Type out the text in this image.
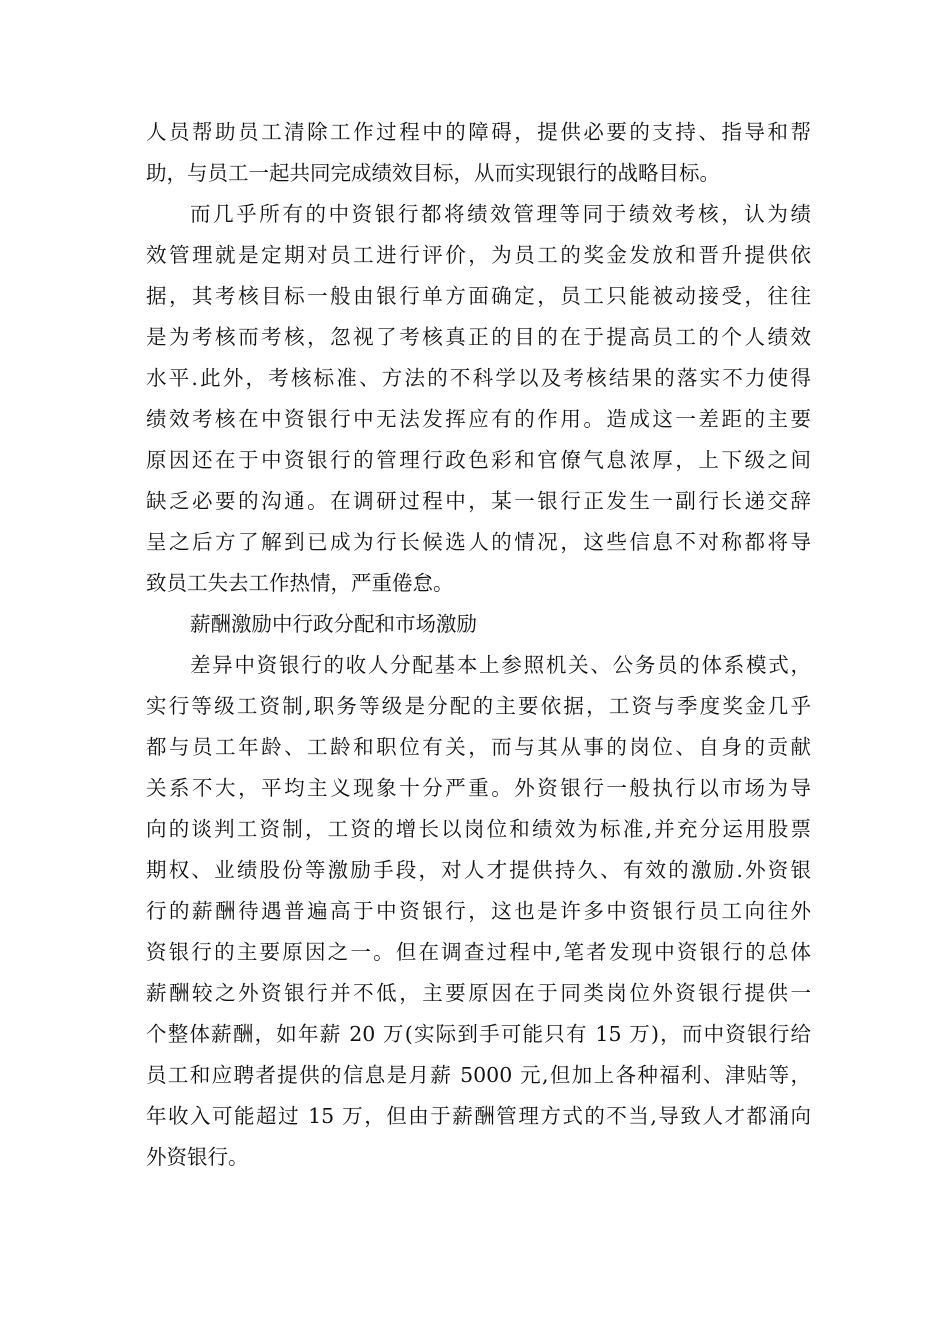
人员帮助员工清除工作过程中的障碍，提供必要的支持、指导和帮

助，与员工一起共同完成绩效目标，从而实现银行的战略目标。

而几乎所有的中资银行都将绩效管理等同于绩效考核，认为绩

效管理就是定期对员工进行评价，为员工的奖金发放和晋升提供依

据，其考核目标一般由银行单方面确定，员工只能被动接受，往往

是为考核而考核，忽视了考核真正的目的在于提高员工的个人绩效

水平.此外，考核标准、方法的不科学以及考核结果的落实不力使得

绩效考核在中资银行中无法发挥应有的作用。造成这一差距的主要

原因还在于中资银行的管理行政色彩和官僚气息浓厚，上下级之间

缺乏必要的沟通。在调研过程中，某一银行正发生一副行长递交辞

呈之后方了解到已成为行长候选人的情况，这些信息不对称都将导

致员工失去工作热情，严重倦怠。

薪酬激励中行政分配和市场激励

差异中资银行的收人分配基本上参照机关、公务员的体系模式，

实行等级工资制,职务等级是分配的主要依据，工资与季度奖金几乎

都与员工年龄、工龄和职位有关，而与其从事的岗位、自身的贡献

关系不大，平均主义现象十分严重。外资银行一般执行以市场为导

向的谈判工资制，工资的增长以岗位和绩效为标准,并充分运用股票

期权、业绩股份等激励手段，对人才提供持久、有效的激励.外资银

行的薪酬待遇普遍高于中资银行，这也是许多中资银行员工向往外

资银行的主要原因之一。但在调查过程中,笔者发现中资银行的总体

薪酬较之外资银行并不低，主要原因在于同类岗位外资银行提供一

个整体薪酬，如年薪 20 万(实际到手可能只有 15 万)，而中资银行给

员工和应聘者提供的信息是月薪 5000 元,但加上各种福利、津贴等，

年收入可能超过 15 万，但由于薪酬管理方式的不当,导致人才都涌向

外资银行。
